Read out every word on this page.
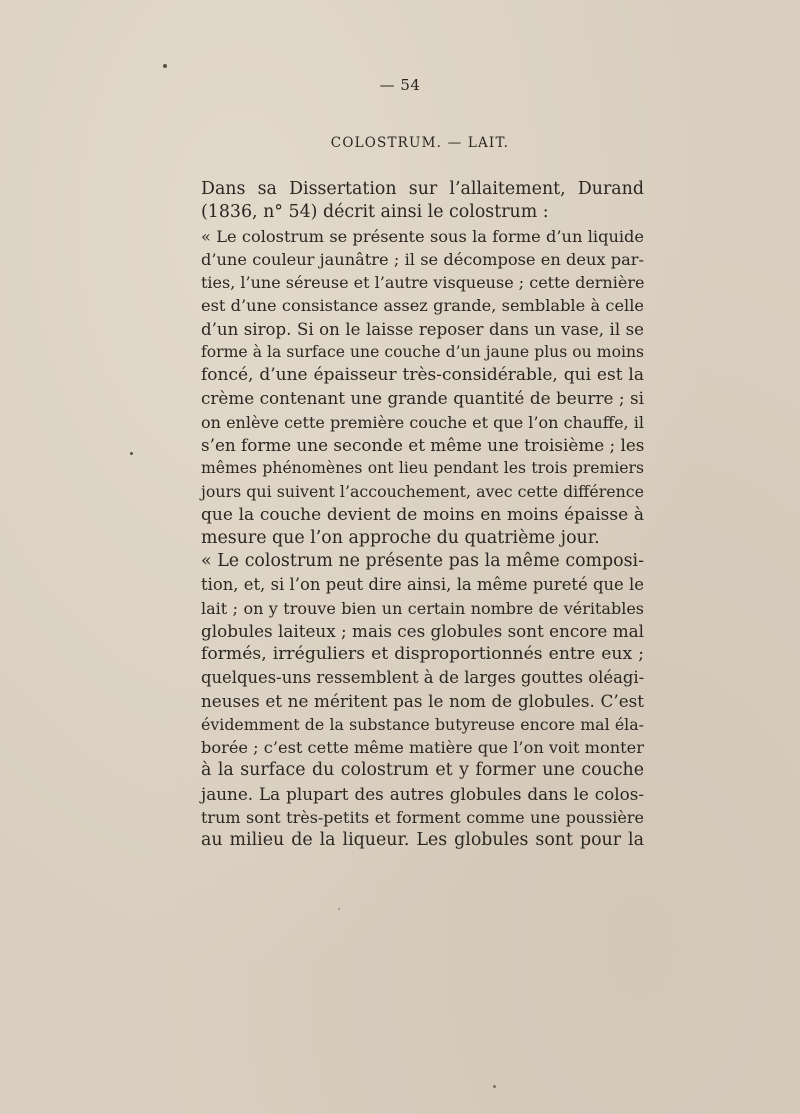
— 54
COLOSTRUM. — LAIT.
Dans sa Dissertation sur l’allaitement, Durand
(1836, n° 54) décrit ainsi le colostrum :
« Le colostrum se présente sous la forme d’un liquide
d’une couleur jaunâtre ; il se décompose en deux par-
ties, l’une séreuse et l’autre visqueuse ; cette dernière
est d’une consistance assez grande, semblable à celle
d’un sirop. Si on le laisse reposer dans un vase, il se
forme à la surface une couche d’un jaune plus ou moins
foncé, d’une épaisseur très-considérable, qui est la
crème contenant une grande quantité de beurre ; si
on enlève cette première couche et que l’on chauffe, il
s’en forme une seconde et même une troisième ; les
mêmes phénomènes ont lieu pendant les trois premiers
jours qui suivent l’accouchement, avec cette différence
que la couche devient de moins en moins épaisse à
mesure que l’on approche du quatrième jour.
« Le colostrum ne présente pas la même composi-
tion, et, si l’on peut dire ainsi, la même pureté que le
lait ; on y trouve bien un certain nombre de véritables
globules laiteux ; mais ces globules sont encore mal
formés, irréguliers et disproportionnés entre eux ;
quelques-uns ressemblent à de larges gouttes oléagi-
neuses et ne méritent pas le nom de globules. C’est
évidemment de la substance butyreuse encore mal éla-
borée ; c’est cette même matière que l’on voit monter
à la surface du colostrum et y former une couche
jaune. La plupart des autres globules dans le colos-
trum sont très-petits et forment comme une poussière
au milieu de la liqueur. Les globules sont pour la
